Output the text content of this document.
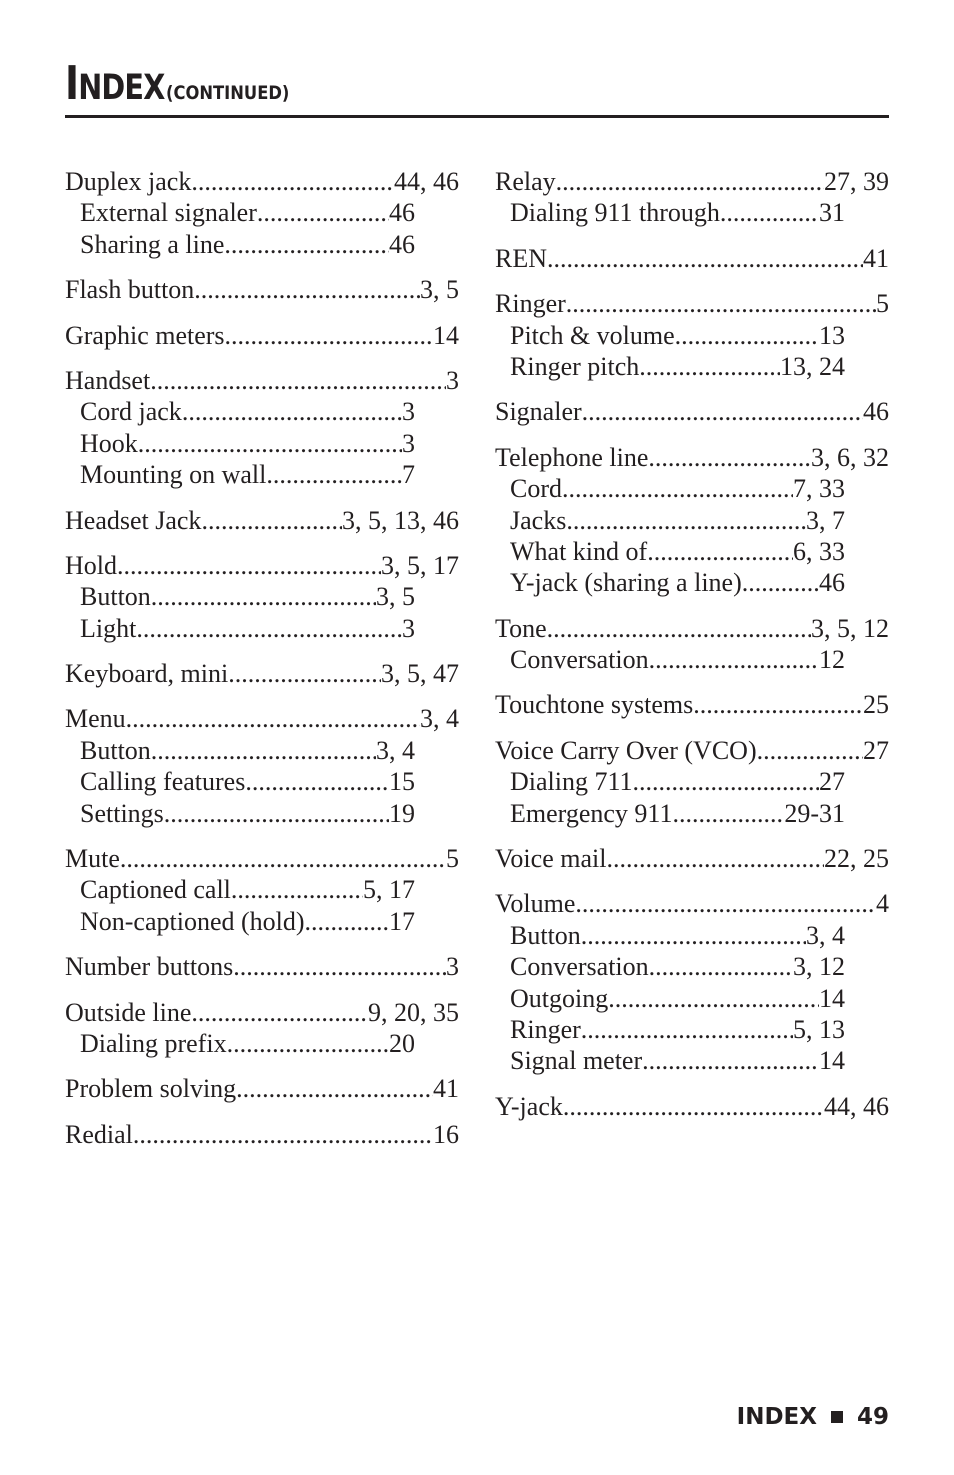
INDEX (CONTINUED)
Duplex jack .....	44, 46
External signaler .....	46
Sharing a line .....	46
Flash button .....	3, 5
Graphic meters .....	14
Handset .....	3
Cord jack .....	3
Hook .....	3
Mounting on wall .....	7
Headset Jack .....	3, 5, 13, 46
Hold .....	3, 5, 17
Button .....	3, 5
Light .....	3
Keyboard, mini .....	3, 5, 47
Menu .....	3, 4
Button .....	3, 4
Calling features .....	15
Settings .....	19
Mute .....	5
Captioned call .....	5, 17
Non-captioned (hold) .....	17
Number buttons .....	3
Outside line .....	9, 20, 35
Dialing prefix .....	20
Problem solving .....	41
Redial .....	16
Relay .....	27, 39
Dialing 911 through .....	31
REN .....	41
Ringer .....	5
Pitch & volume .....	13
Ringer pitch .....	13, 24
Signaler .....	46
Telephone line .....	3, 6, 32
Cord .....	7, 33
Jacks .....	3, 7
What kind of .....	6, 33
Y-jack (sharing a line) .....	46
Tone .....	3, 5, 12
Conversation .....	12
Touchtone systems .....	25
Voice Carry Over (VCO) .....	27
Dialing 711 .....	27
Emergency 911 .....	29-31
Voice mail .....	22, 25
Volume. .....	4
Button .....	3, 4
Conversation .....	3, 12
Outgoing .....	14
Ringer .....	5, 13
Signal meter .....	14
Y-jack .....	44, 46
INDEX 49
